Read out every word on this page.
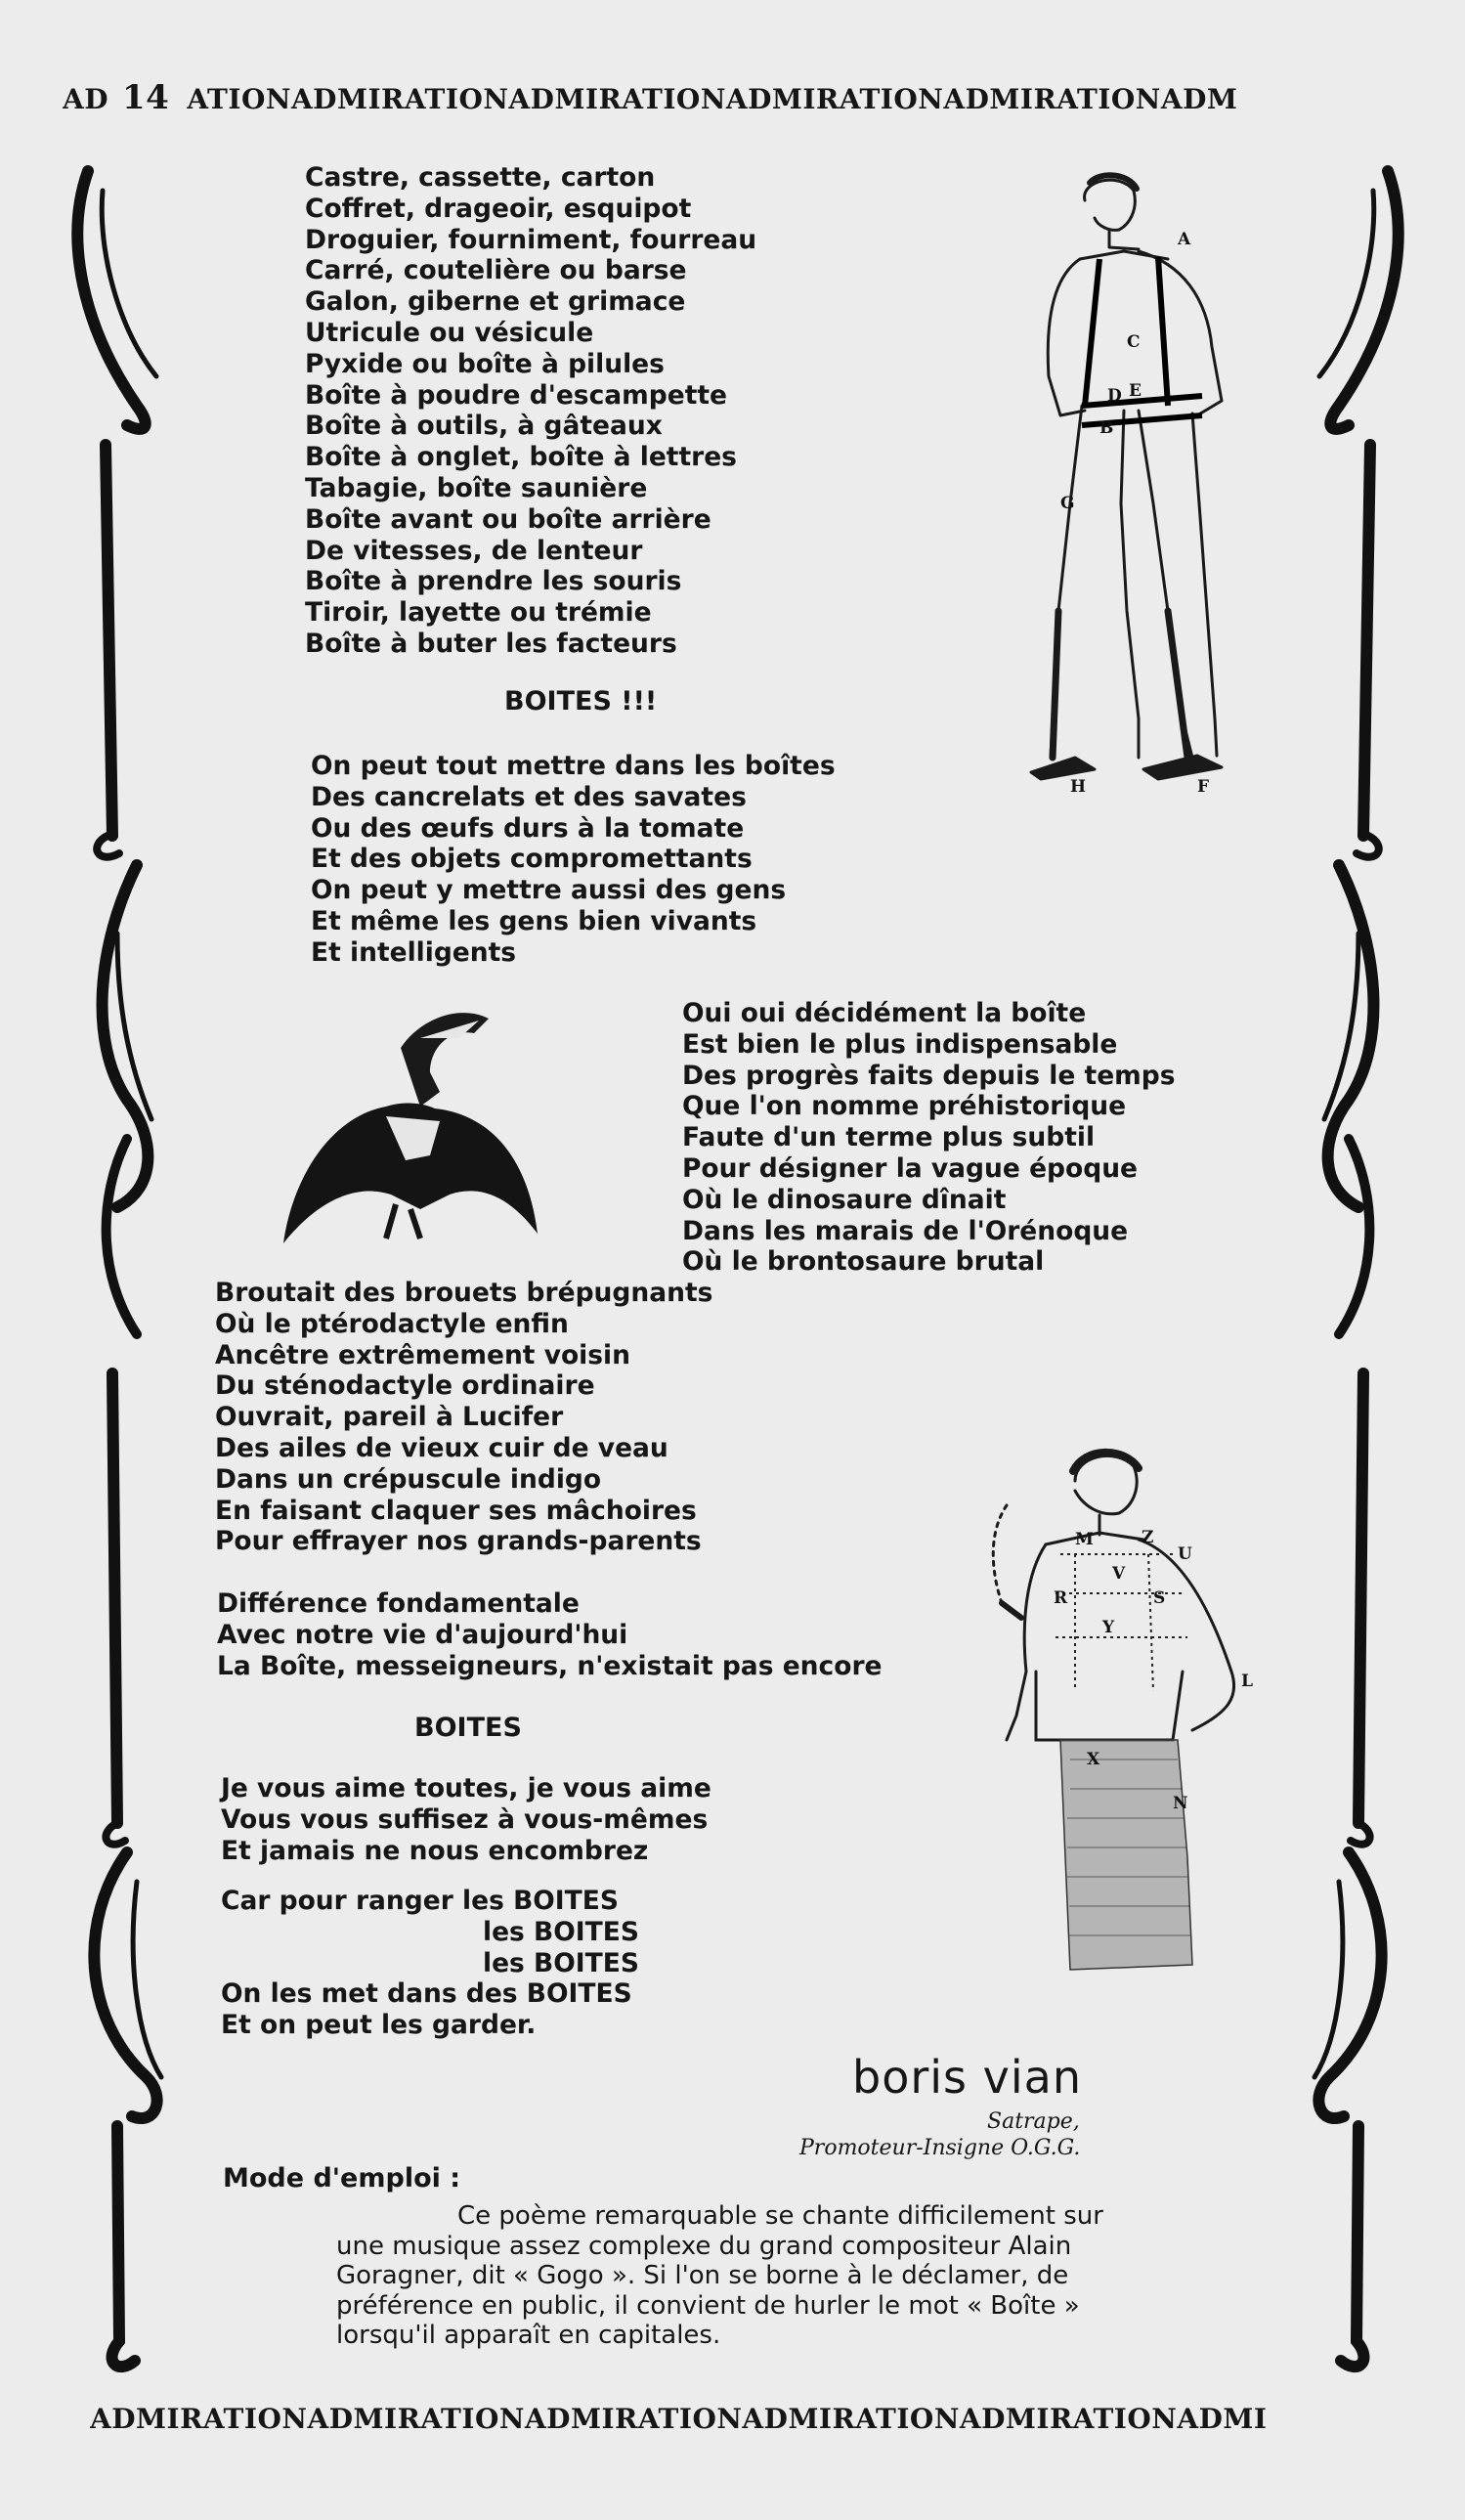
AD 14 ATIONADMIRATIONADMIRATIONADMIRATIONADMIRATIONADM
Castre, cassette, carton
Coffret, drageoir, esquipot
Droguier, fourniment, fourreau
Carré, coutelière ou barse
Galon, giberne et grimace
Utricule ou vésicule
Pyxide ou boîte à pilules
Boîte à poudre d'escampette
Boîte à outils, à gâteaux
Boîte à onglet, boîte à lettres
Tabagie, boîte saunière
Boîte avant ou boîte arrière
De vitesses, de lenteur
Boîte à prendre les souris
Tiroir, layette ou trémie
Boîte à buter les facteurs
BOITES !!!
On peut tout mettre dans les boîtes
Des cancrelats et des savates
Ou des œufs durs à la tomate
Et des objets compromettants
On peut y mettre aussi des gens
Et même les gens bien vivants
Et intelligents
Oui oui décidément la boîte
Est bien le plus indispensable
Des progrès faits depuis le temps
Que l'on nomme préhistorique
Faute d'un terme plus subtil
Pour désigner la vague époque
Où le dinosaure dînait
Dans les marais de l'Orénoque
Où le brontosaure brutal
Broutait des brouets brépugnants
Où le ptérodactyle enfin
Ancêtre extrêmement voisin
Du sténodactyle ordinaire
Ouvrait, pareil à Lucifer
Des ailes de vieux cuir de veau
Dans un crépuscule indigo
En faisant claquer ses mâchoires
Pour effrayer nos grands-parents
Différence fondamentale
Avec notre vie d'aujourd'hui
La Boîte, messeigneurs, n'existait pas encore
BOITES
Je vous aime toutes, je vous aime
Vous vous suffisez à vous-mêmes
Et jamais ne nous encombrez
Car pour ranger les BOITES
les BOITES
les BOITES
On les met dans des BOITES
Et on peut les garder.
boris vian
Satrape,
Promoteur-Insigne O.G.G.
Mode d'emploi :
Ce poème remarquable se chante difficilement sur
une musique assez complexe du grand compositeur Alain
Goragner, dit « Gogo ». Si l'on se borne à le déclamer, de
préférence en public, il convient de hurler le mot « Boîte »
lorsqu'il apparaît en capitales.
A
C
D E
B
G
H	F
M	Z
U
V
R	S
Y
L
X
N
ADMIRATIONADMIRATIONADMIRATIONADMIRATIONADMIRATIONADMI
